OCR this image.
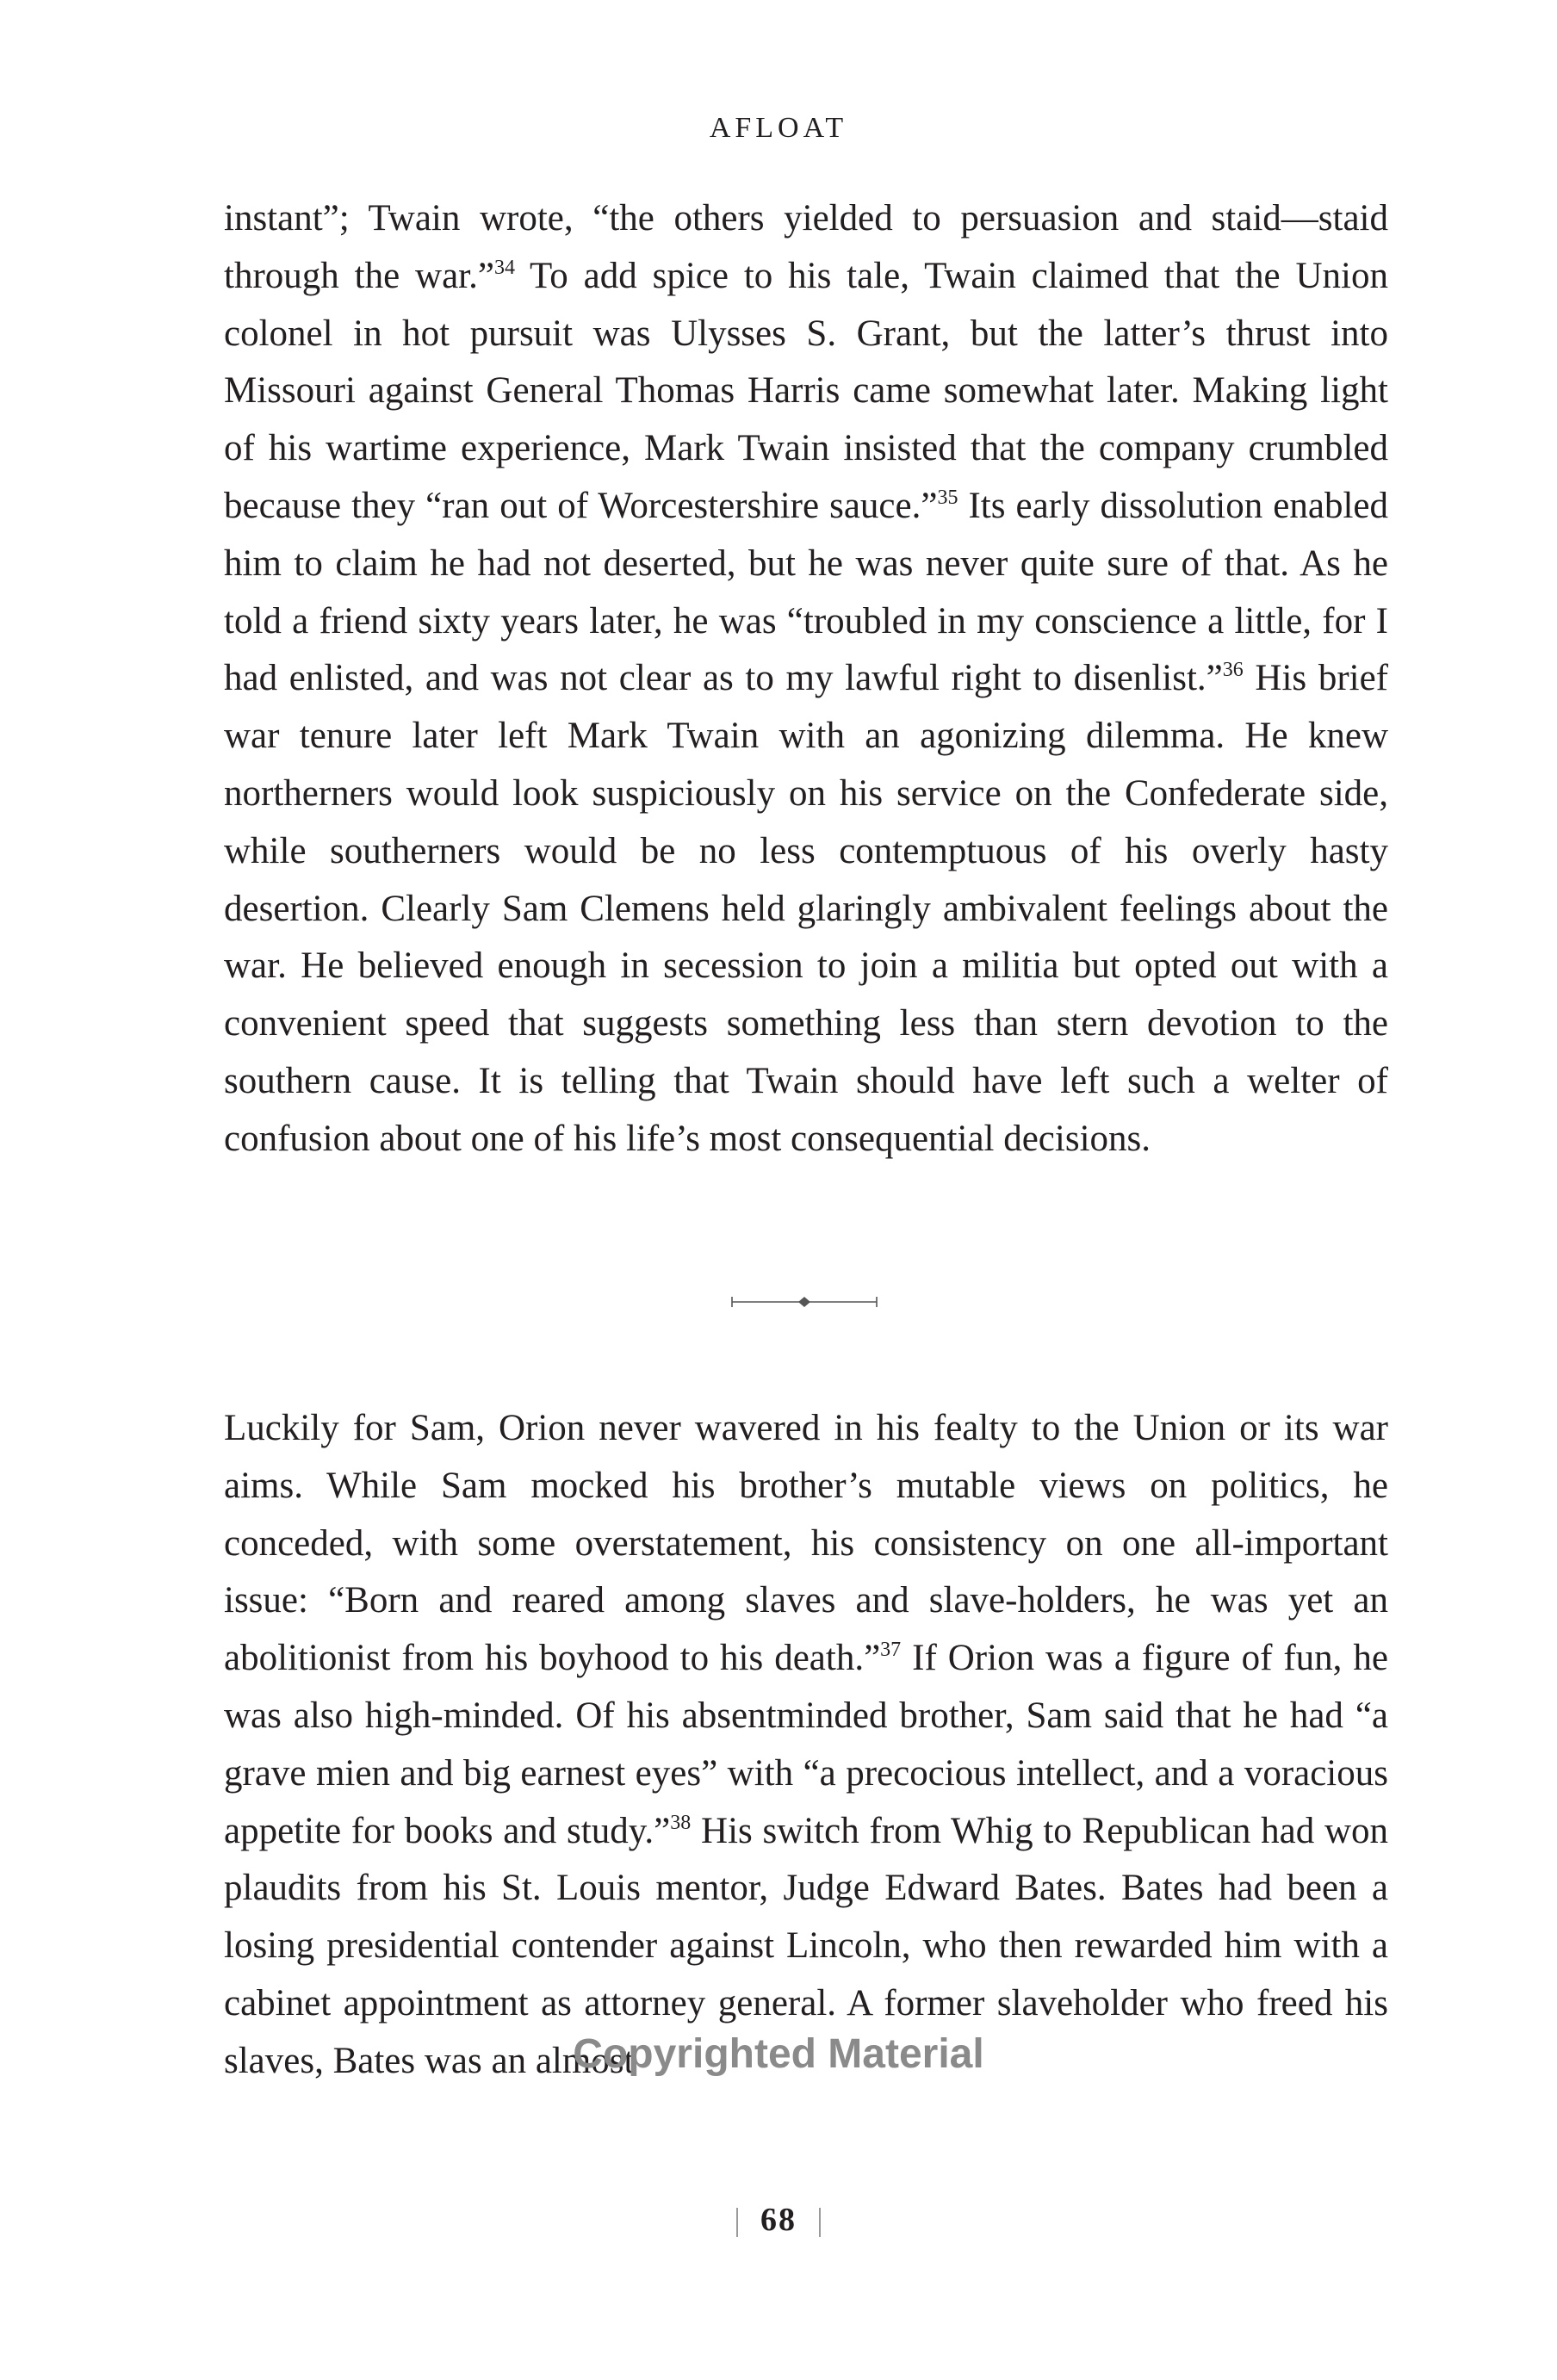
AFLOAT

instant”; Twain wrote, “the others yielded to persuasion and staid—staid through the war.”$^{34}$ To add spice to his tale, Twain claimed that the Union colonel in hot pursuit was Ulysses S. Grant, but the latter’s thrust into Missouri against General Thomas Harris came somewhat later. Making light of his wartime experience, Mark Twain insisted that the company crumbled because they “ran out of Worcestershire sauce.”$^{35}$ Its early dissolution enabled him to claim he had not deserted, but he was never quite sure of that. As he told a friend sixty years later, he was “troubled in my conscience a little, for I had enlisted, and was not clear as to my lawful right to disenlist.”$^{36}$ His brief war tenure later left Mark Twain with an agonizing dilemma. He knew northerners would look suspiciously on his service on the Confederate side, while southerners would be no less contemptuous of his overly hasty desertion. Clearly Sam Clemens held glaringly ambivalent feelings about the war. He believed enough in secession to join a militia but opted out with a convenient speed that suggests something less than stern devotion to the southern cause. It is telling that Twain should have left such a welter of confusion about one of his life’s most consequential decisions.

Luckily for Sam, Orion never wavered in his fealty to the Union or its war aims. While Sam mocked his brother’s mutable views on politics, he conceded, with some overstatement, his consistency on one all-important issue: “Born and reared among slaves and slave-holders, he was yet an abolitionist from his boyhood to his death.”$^{37}$ If Orion was a figure of fun, he was also high-minded. Of his absentminded brother, Sam said that he had “a grave mien and big earnest eyes” with “a precocious intellect, and a voracious appetite for books and study.”$^{38}$ His switch from Whig to Republican had won plaudits from his St. Louis mentor, Judge Edward Bates. Bates had been a losing presidential contender against Lincoln, who then rewarded him with a cabinet appointment as attorney general. A former slaveholder who freed his slaves, Bates was an almost

Copyrighted Material
68
